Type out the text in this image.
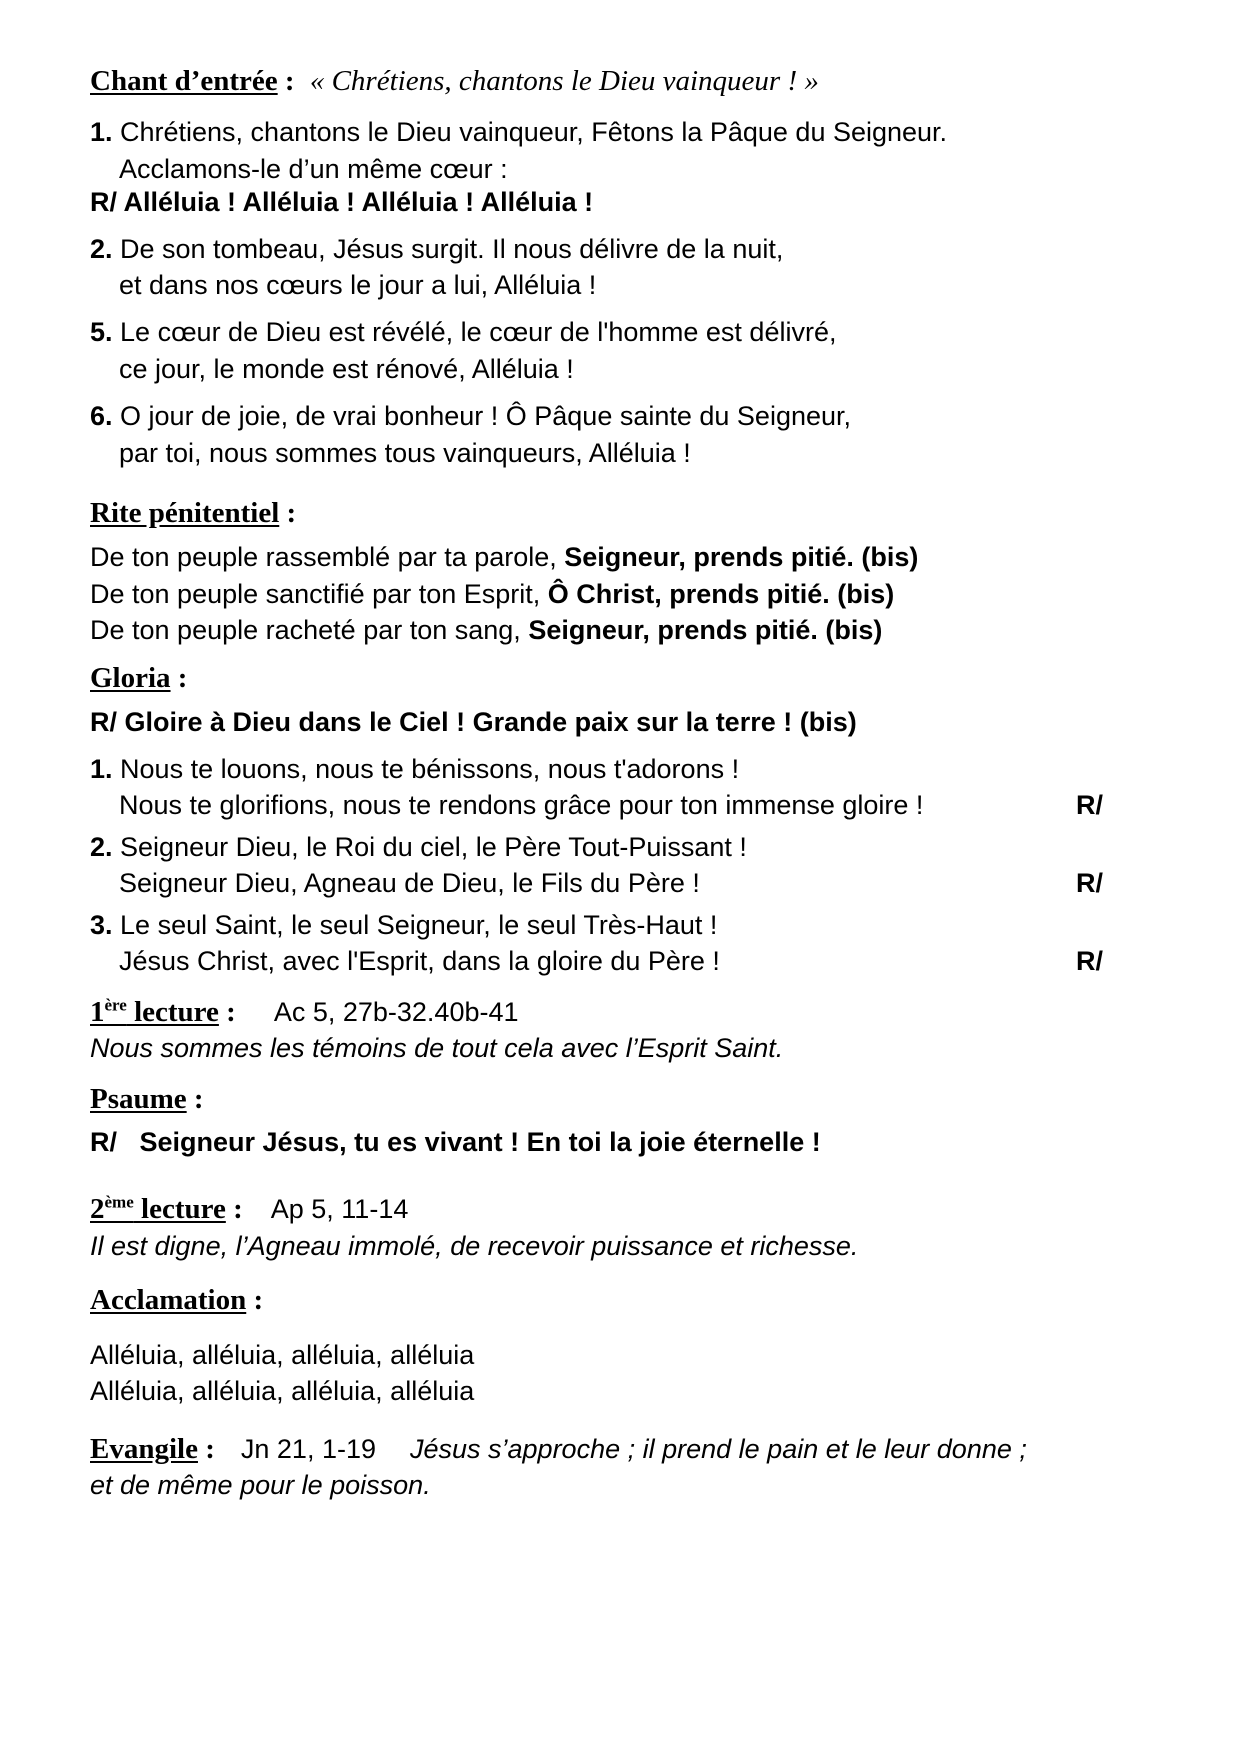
Chant d’entrée : « Chrétiens, chantons le Dieu vainqueur ! »
1. Chrétiens, chantons le Dieu vainqueur, Fêtons la Pâque du Seigneur.
Acclamons-le d’un même cœur :
R/ Alléluia ! Alléluia ! Alléluia ! Alléluia !
2. De son tombeau, Jésus surgit. Il nous délivre de la nuit,
et dans nos cœurs le jour a lui, Alléluia !
5. Le cœur de Dieu est révélé, le cœur de l'homme est délivré,
ce jour, le monde est rénové, Alléluia !
6. O jour de joie, de vrai bonheur ! Ô Pâque sainte du Seigneur,
par toi, nous sommes tous vainqueurs, Alléluia !
Rite pénitentiel :
De ton peuple rassemblé par ta parole, Seigneur, prends pitié. (bis)
De ton peuple sanctifié par ton Esprit, Ô Christ, prends pitié. (bis)
De ton peuple racheté par ton sang, Seigneur, prends pitié. (bis)
Gloria :
R/ Gloire à Dieu dans le Ciel ! Grande paix sur la terre ! (bis)
1. Nous te louons, nous te bénissons, nous t'adorons !
Nous te glorifions, nous te rendons grâce pour ton immense gloire !	R/
2. Seigneur Dieu, le Roi du ciel, le Père Tout-Puissant !
Seigneur Dieu, Agneau de Dieu, le Fils du Père !	R/
3. Le seul Saint, le seul Seigneur, le seul Très-Haut !
Jésus Christ, avec l'Esprit, dans la gloire du Père !	R/
1ère lecture : Ac 5, 27b-32.40b-41
Nous sommes les témoins de tout cela avec l’Esprit Saint.
Psaume :
R/   Seigneur Jésus, tu es vivant ! En toi la joie éternelle !
2ème lecture : Ap 5, 11-14
Il est digne, l’Agneau immolé, de recevoir puissance et richesse.
Acclamation :
Alléluia, alléluia, alléluia, alléluia
Alléluia, alléluia, alléluia, alléluia
Evangile : Jn 21, 1-19 Jésus s’approche ; il prend le pain et le leur donne ;
et de même pour le poisson.
